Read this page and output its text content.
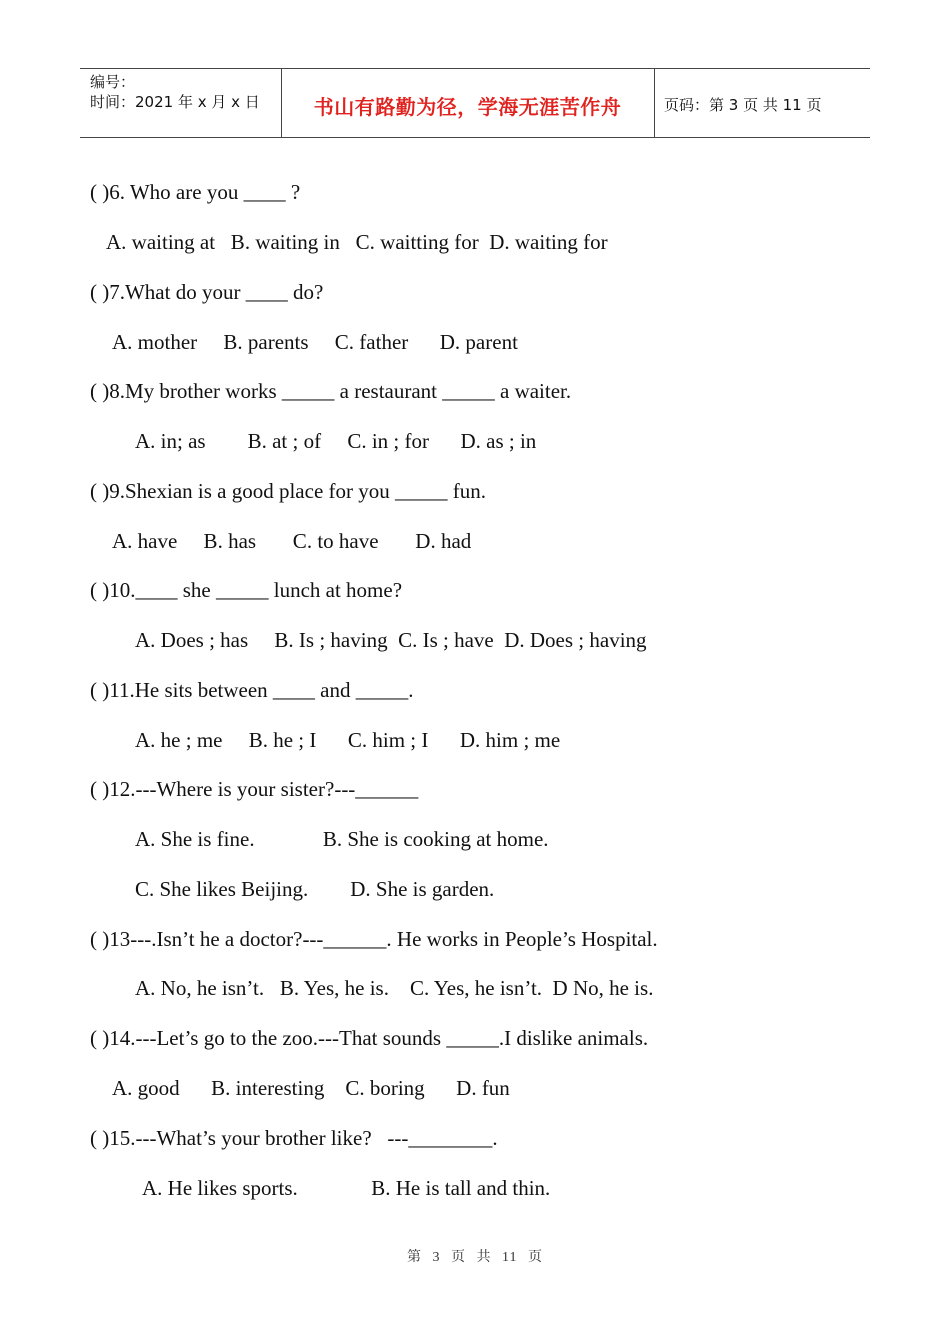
编号：
时间：2021 年 x 月 x 日	书山有路勤为径，学海无涯苦作舟	页码：第 3 页 共 11 页
( )6. Who are you ____ ?
A. waiting at   B. waiting in   C. waitting for  D. waiting for
( )7.What do your ____ do?
A. mother     B. parents     C. father      D. parent
( )8.My brother works _____ a restaurant _____ a waiter.
A. in; as        B. at ; of     C. in ; for      D. as ; in
( )9.Shexian is a good place for you _____ fun.
A. have     B. has       C. to have       D. had
( )10.____ she _____ lunch at home?
A. Does ; has     B. Is ; having  C. Is ; have  D. Does ; having
( )11.He sits between ____ and _____.
A. he ; me     B. he ; I      C. him ; I      D. him ; me
( )12.---Where is your sister?---______
A. She is fine.             B. She is cooking at home.
C. She likes Beijing.        D. She is garden.
( )13---.Isn’t he a doctor?---______. He works in People’s Hospital.
A. No, he isn’t.   B. Yes, he is.    C. Yes, he isn’t.  D No, he is.
( )14.---Let’s go to the zoo.---That sounds _____.I dislike animals.
A. good      B. interesting    C. boring      D. fun
( )15.---What’s your brother like?   ---________.
A. He likes sports.              B. He is tall and thin.
第 3 页 共 11 页
